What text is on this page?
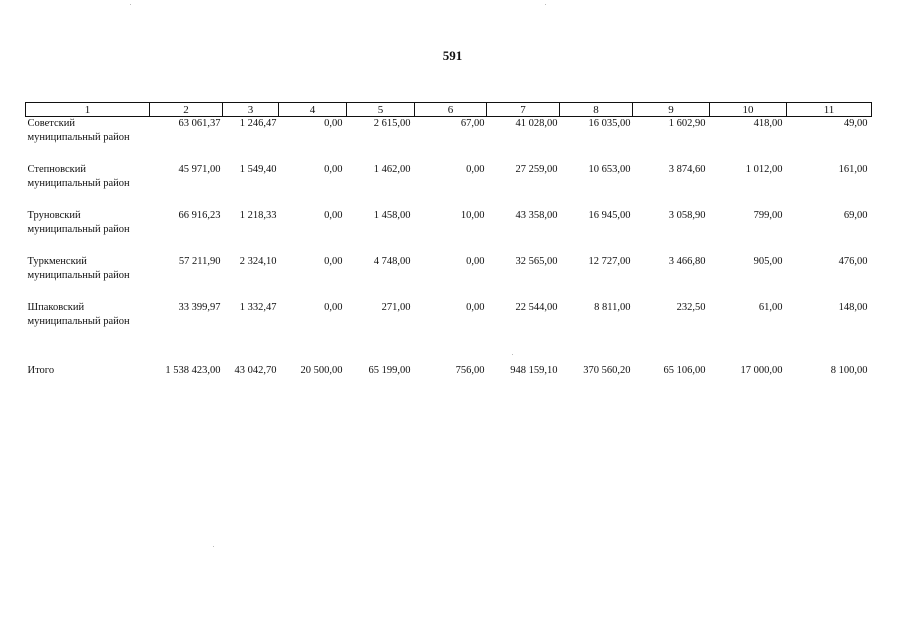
591
1	2	3	4	5	6	7	8	9	10	11
Советский
муниципальный район	63 061,37	1 246,47	0,00	2 615,00	67,00	41 028,00	16 035,00	1 602,90	418,00	49,00
Степновский
муниципальный район	45 971,00	1 549,40	0,00	1 462,00	0,00	27 259,00	10 653,00	3 874,60	1 012,00	161,00
Труновский
муниципальный район	66 916,23	1 218,33	0,00	1 458,00	10,00	43 358,00	16 945,00	3 058,90	799,00	69,00
Туркменский
муниципальный район	57 211,90	2 324,10	0,00	4 748,00	0,00	32 565,00	12 727,00	3 466,80	905,00	476,00
Шпаковский
муниципальный район	33 399,97	1 332,47	0,00	271,00	0,00	22 544,00	8 811,00	232,50	61,00	148,00

Итого	1 538 423,00	43 042,70	20 500,00	65 199,00	756,00	948 159,10	370 560,20	65 106,00	17 000,00	8 100,00
